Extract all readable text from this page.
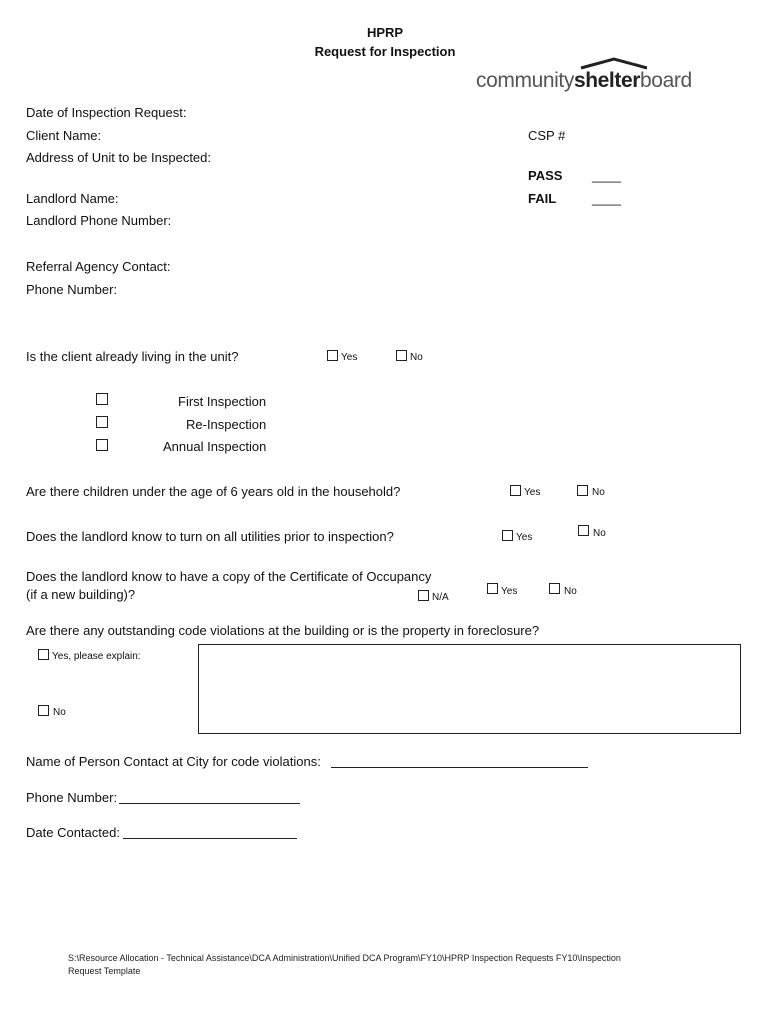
HPRP
Request for Inspection
communityshelterboard
Date of Inspection Request:
Client Name:	CSP #
Address of Unit to be Inspected:
PASS ____
FAIL	____
Landlord Name:
Landlord Phone Number:
Referral Agency Contact:
Phone Number:
Is the client already living in the unit?	Yes	No
First Inspection
Re-Inspection
Annual Inspection
Are there children under the age of 6 years old in the household?	Yes	No
Does the landlord know to turn on all utilities prior to inspection?	Yes	No
Does the landlord know to have a copy of the Certificate of Occupancy
(if a new building)?	N/A
Yes	No
Are there any outstanding code violations at the building or is the property in foreclosure?
Yes, please explain:
No
Name of Person Contact at City for code violations:
Phone Number:
Date Contacted:
S:\Resource Allocation - Technical Assistance\DCA Administration\Unified DCA Program\FY10\HPRP Inspection Requests FY10\Inspection
Request Template
